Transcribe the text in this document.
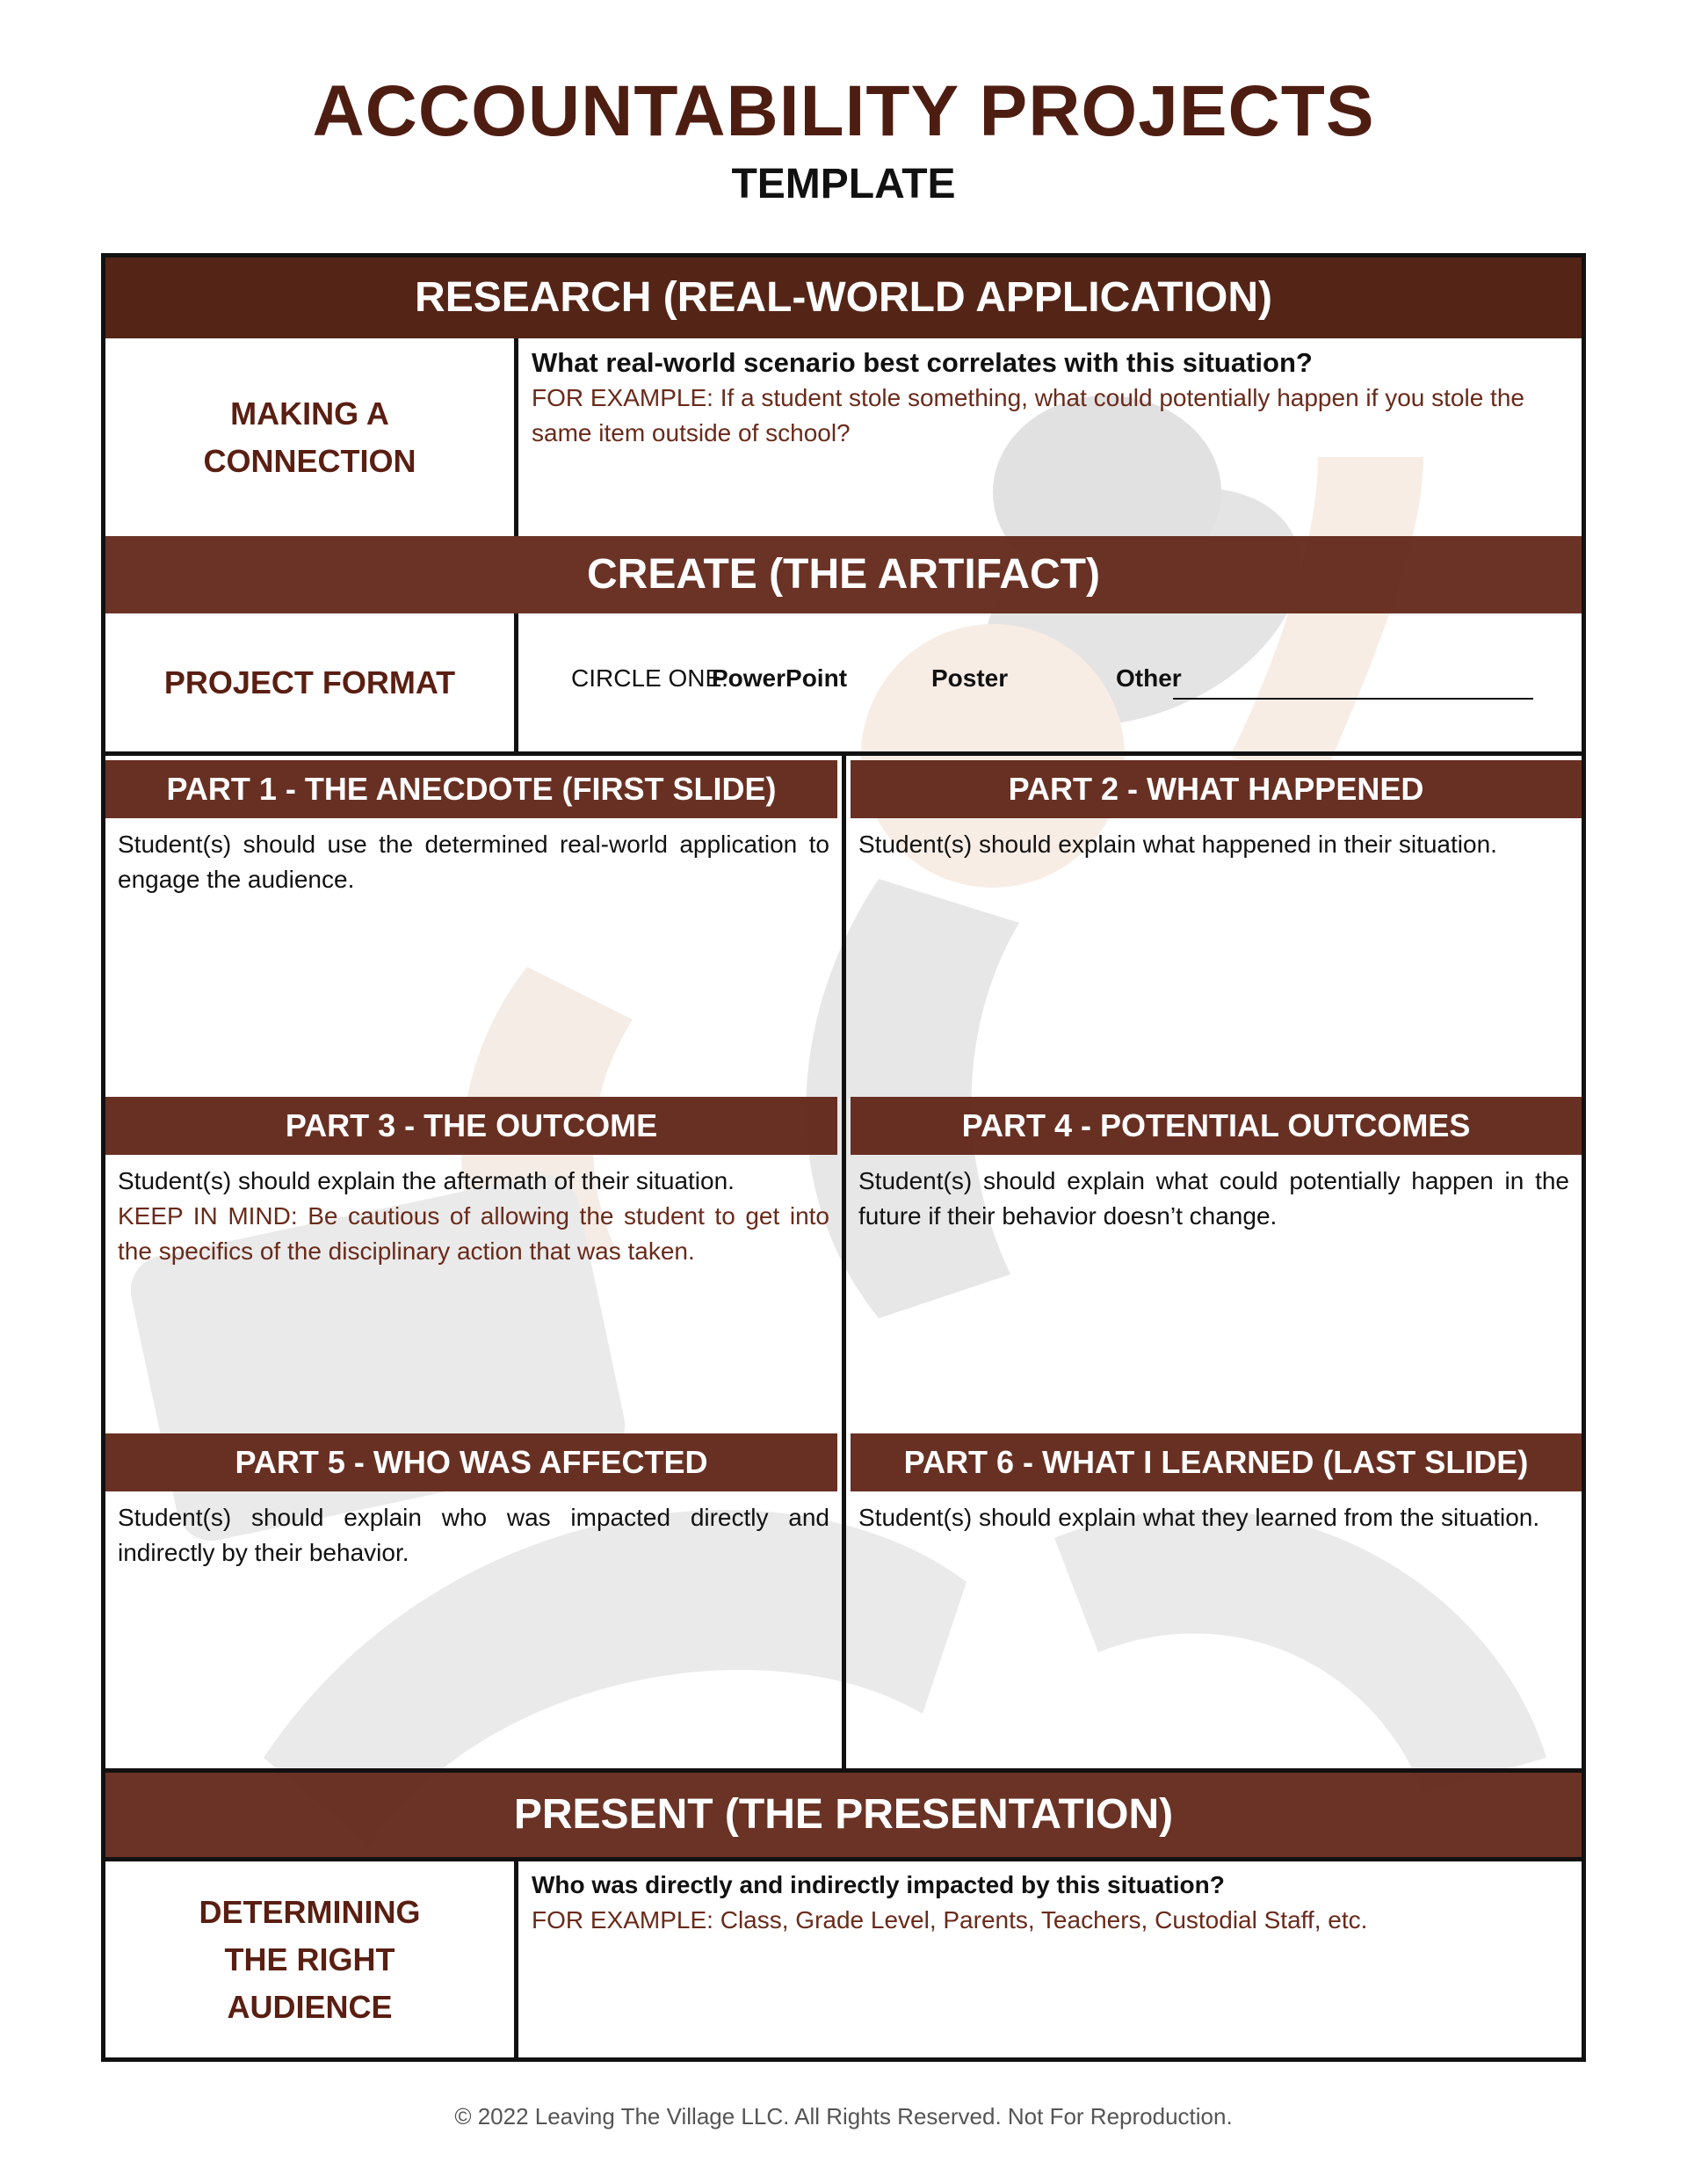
ACCOUNTABILITY PROJECTS
TEMPLATE
RESEARCH (REAL-WORLD APPLICATION)
MAKING A CONNECTION
What real-world scenario best correlates with this situation?
FOR EXAMPLE: If a student stole something, what could potentially happen if you stole the same item outside of school?
CREATE (THE ARTIFACT)
PROJECT FORMAT	CIRCLE ONE:
PowerPoint	Poster	Other
PART 1 - THE ANECDOTE (FIRST SLIDE)	PART 2 - WHAT HAPPENED
Student(s) should use the determined real-world application to engage the audience.
Student(s) should explain what happened in their situation.
PART 3 - THE OUTCOME	PART 4 - POTENTIAL OUTCOMES
Student(s) should explain the aftermath of their situation.
KEEP IN MIND: Be cautious of allowing the student to get into the specifics of the disciplinary action that was taken.
Student(s) should explain what could potentially happen in the future if their behavior doesn’t change.
PART 5 - WHO WAS AFFECTED	PART 6 - WHAT I LEARNED (LAST SLIDE)
Student(s) should explain who was impacted directly and indirectly by their behavior.
Student(s) should explain what they learned from the situation.
PRESENT (THE PRESENTATION)
DETERMINING THE RIGHT AUDIENCE
Who was directly and indirectly impacted by this situation?
FOR EXAMPLE: Class, Grade Level, Parents, Teachers, Custodial Staff, etc.
© 2022 Leaving The Village LLC. All Rights Reserved. Not For Reproduction.
